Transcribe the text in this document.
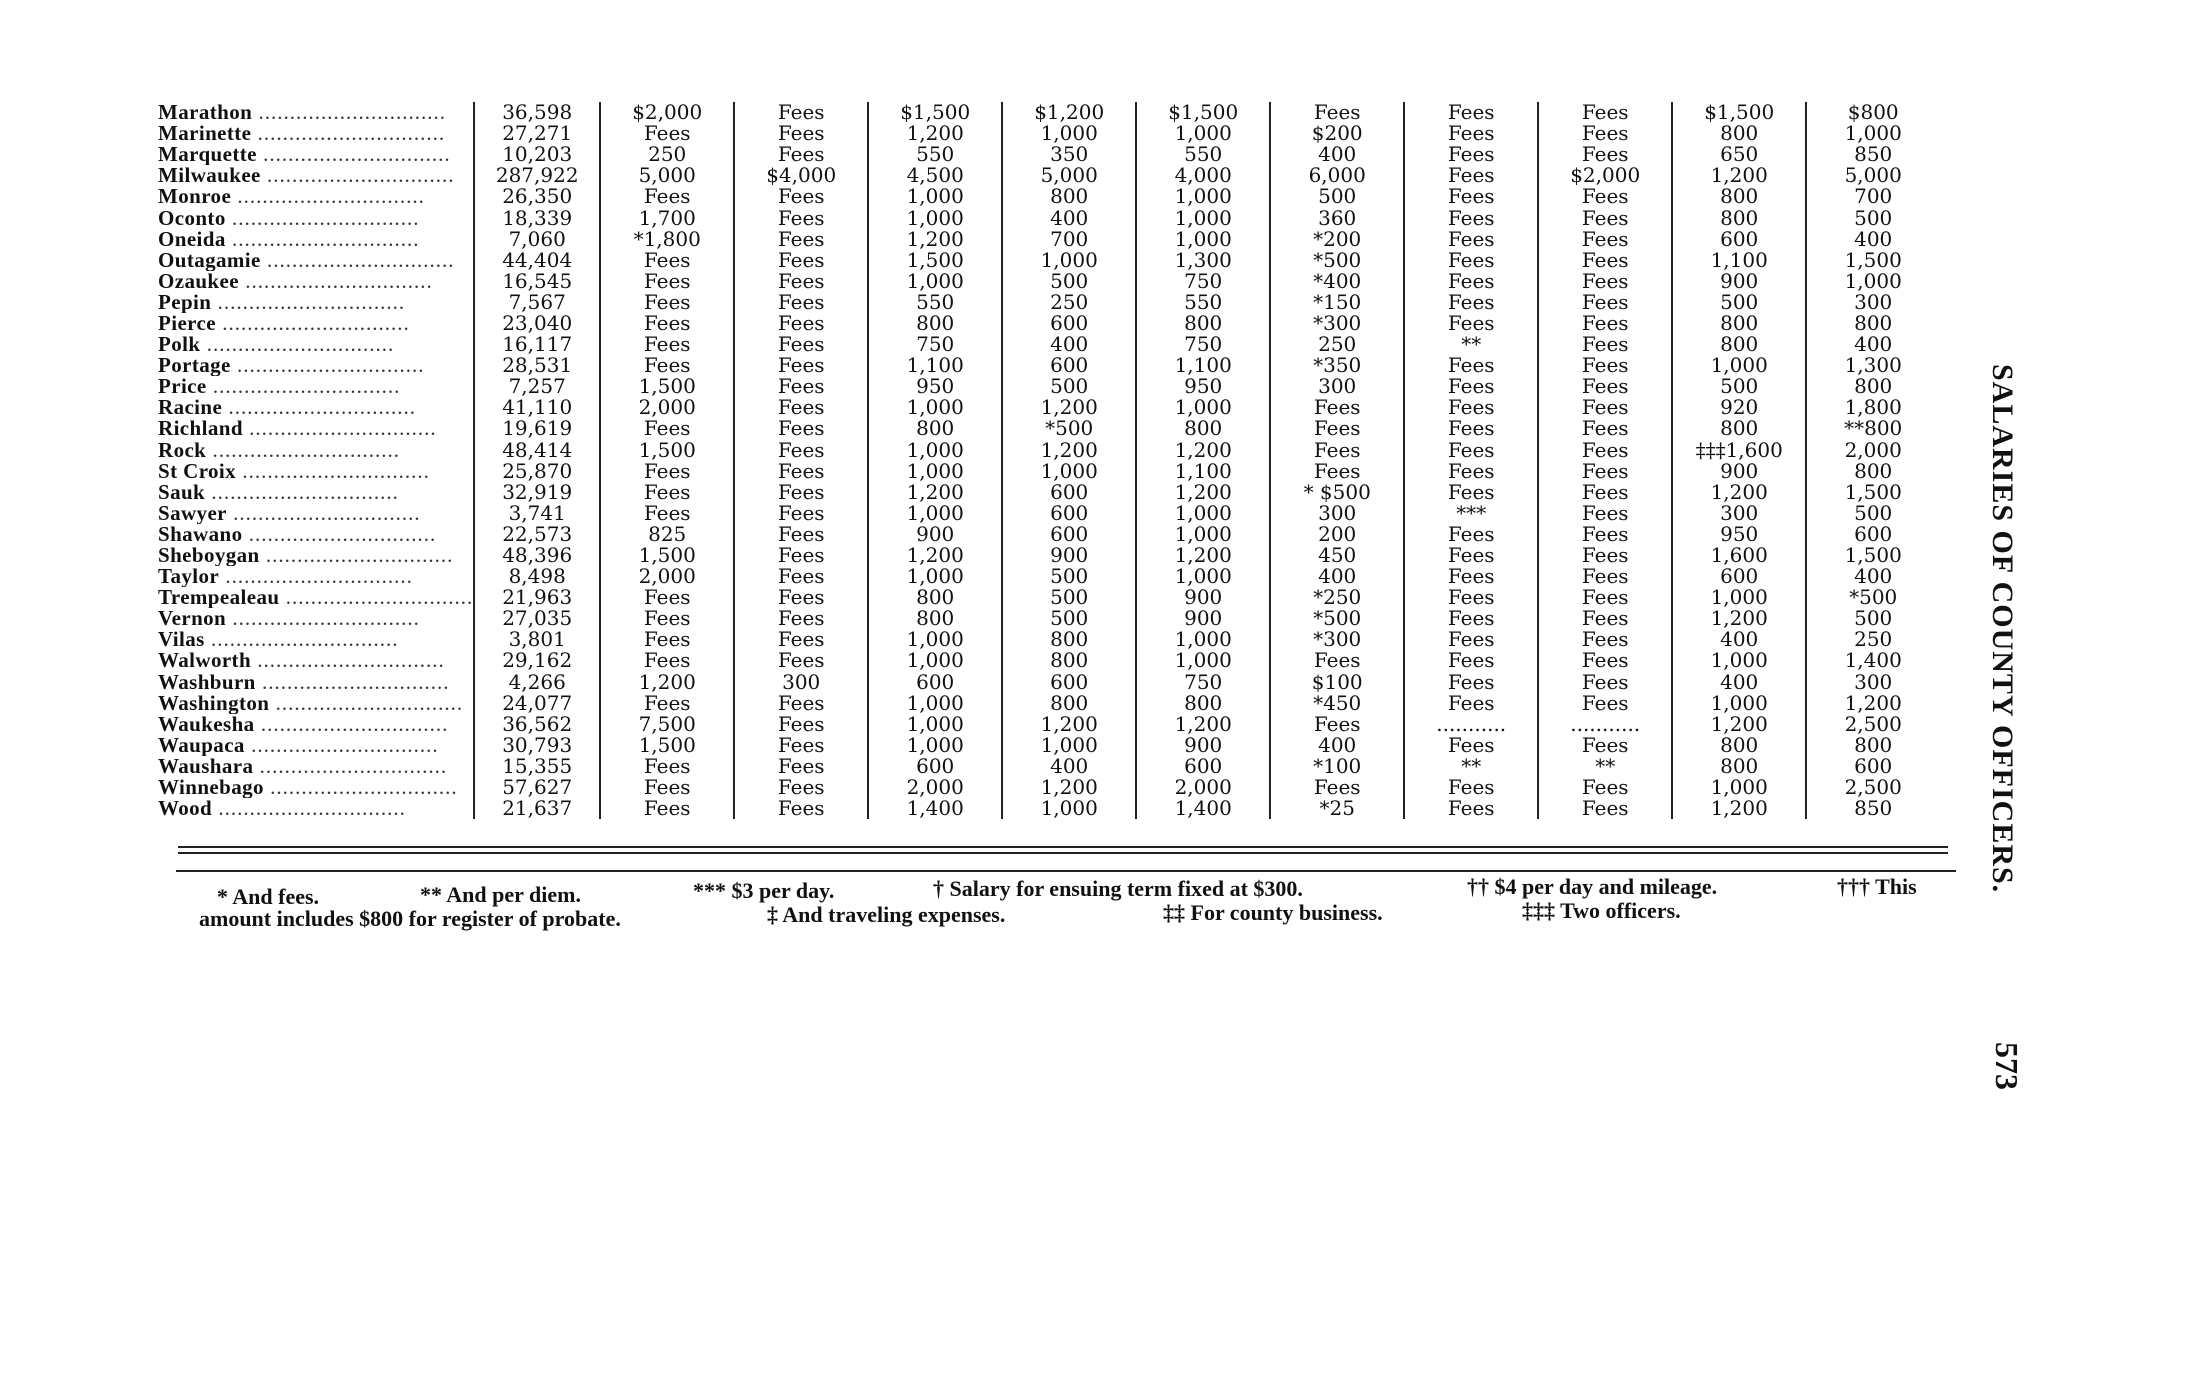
Marathon ..............................	36,598	$2,000	Fees	$1,500	$1,200	$1,500	Fees	Fees	Fees	$1,500	$800
Marinette ..............................	27,271	Fees	Fees	1,200	1,000	1,000	$200	Fees	Fees	800	1,000
Marquette ..............................	10,203	250	Fees	550	350	550	400	Fees	Fees	650	850
Milwaukee ..............................	287,922	5,000	$4,000	4,500	5,000	4,000	6,000	Fees	$2,000	1,200	5,000
Monroe ..............................	26,350	Fees	Fees	1,000	800	1,000	500	Fees	Fees	800	700
Oconto ..............................	18,339	1,700	Fees	1,000	400	1,000	360	Fees	Fees	800	500
Oneida ..............................	7,060	*1,800	Fees	1,200	700	1,000	*200	Fees	Fees	600	400
Outagamie ..............................	44,404	Fees	Fees	1,500	1,000	1,300	*500	Fees	Fees	1,100	1,500
Ozaukee ..............................	16,545	Fees	Fees	1,000	500	750	*400	Fees	Fees	900	1,000
Pepin ..............................	7,567	Fees	Fees	550	250	550	*150	Fees	Fees	500	300
Pierce ..............................	23,040	Fees	Fees	800	600	800	*300	Fees	Fees	800	800
Polk ..............................	16,117	Fees	Fees	750	400	750	250	**	Fees	800	400
Portage ..............................	28,531	Fees	Fees	1,100	600	1,100	*350	Fees	Fees	1,000	1,300
Price ..............................	7,257	1,500	Fees	950	500	950	300	Fees	Fees	500	800
Racine ..............................	41,110	2,000	Fees	1,000	1,200	1,000	Fees	Fees	Fees	920	1,800
Richland ..............................	19,619	Fees	Fees	800	*500	800	Fees	Fees	Fees	800	**800
Rock ..............................	48,414	1,500	Fees	1,000	1,200	1,200	Fees	Fees	Fees	‡‡‡1,600	2,000
St Croix ..............................	25,870	Fees	Fees	1,000	1,000	1,100	Fees	Fees	Fees	900	800
Sauk ..............................	32,919	Fees	Fees	1,200	600	1,200	* $500	Fees	Fees	1,200	1,500
Sawyer ..............................	3,741	Fees	Fees	1,000	600	1,000	300	***	Fees	300	500
Shawano ..............................	22,573	825	Fees	900	600	1,000	200	Fees	Fees	950	600
Sheboygan ..............................	48,396	1,500	Fees	1,200	900	1,200	450	Fees	Fees	1,600	1,500
Taylor ..............................	8,498	2,000	Fees	1,000	500	1,000	400	Fees	Fees	600	400
Trempealeau ..............................	21,963	Fees	Fees	800	500	900	*250	Fees	Fees	1,000	*500
Vernon ..............................	27,035	Fees	Fees	800	500	900	*500	Fees	Fees	1,200	500
Vilas ..............................	3,801	Fees	Fees	1,000	800	1,000	*300	Fees	Fees	400	250
Walworth ..............................	29,162	Fees	Fees	1,000	800	1,000	Fees	Fees	Fees	1,000	1,400
Washburn ..............................	4,266	1,200	300	600	600	750	$100	Fees	Fees	400	300
Washington ..............................	24,077	Fees	Fees	1,000	800	800	*450	Fees	Fees	1,000	1,200
Waukesha ..............................	36,562	7,500	Fees	1,000	1,200	1,200	Fees	...........	...........	1,200	2,500
Waupaca ..............................	30,793	1,500	Fees	1,000	1,000	900	400	Fees	Fees	800	800
Waushara ..............................	15,355	Fees	Fees	600	400	600	*100	**	**	800	600
Winnebago ..............................	57,627	Fees	Fees	2,000	1,200	2,000	Fees	Fees	Fees	1,000	2,500
Wood ..............................	21,637	Fees	Fees	1,400	1,000	1,400	*25	Fees	Fees	1,200	850
* And fees.	** And per diem.	*** $3 per day.	† Salary for ensuing term fixed at $300.	†† $4 per day and mileage.	††† This
amount includes $800 for register of probate.	‡ And traveling expenses.	‡‡ For county business.	‡‡‡ Two officers.
SALARIES OF COUNTY OFFICERS.
573
